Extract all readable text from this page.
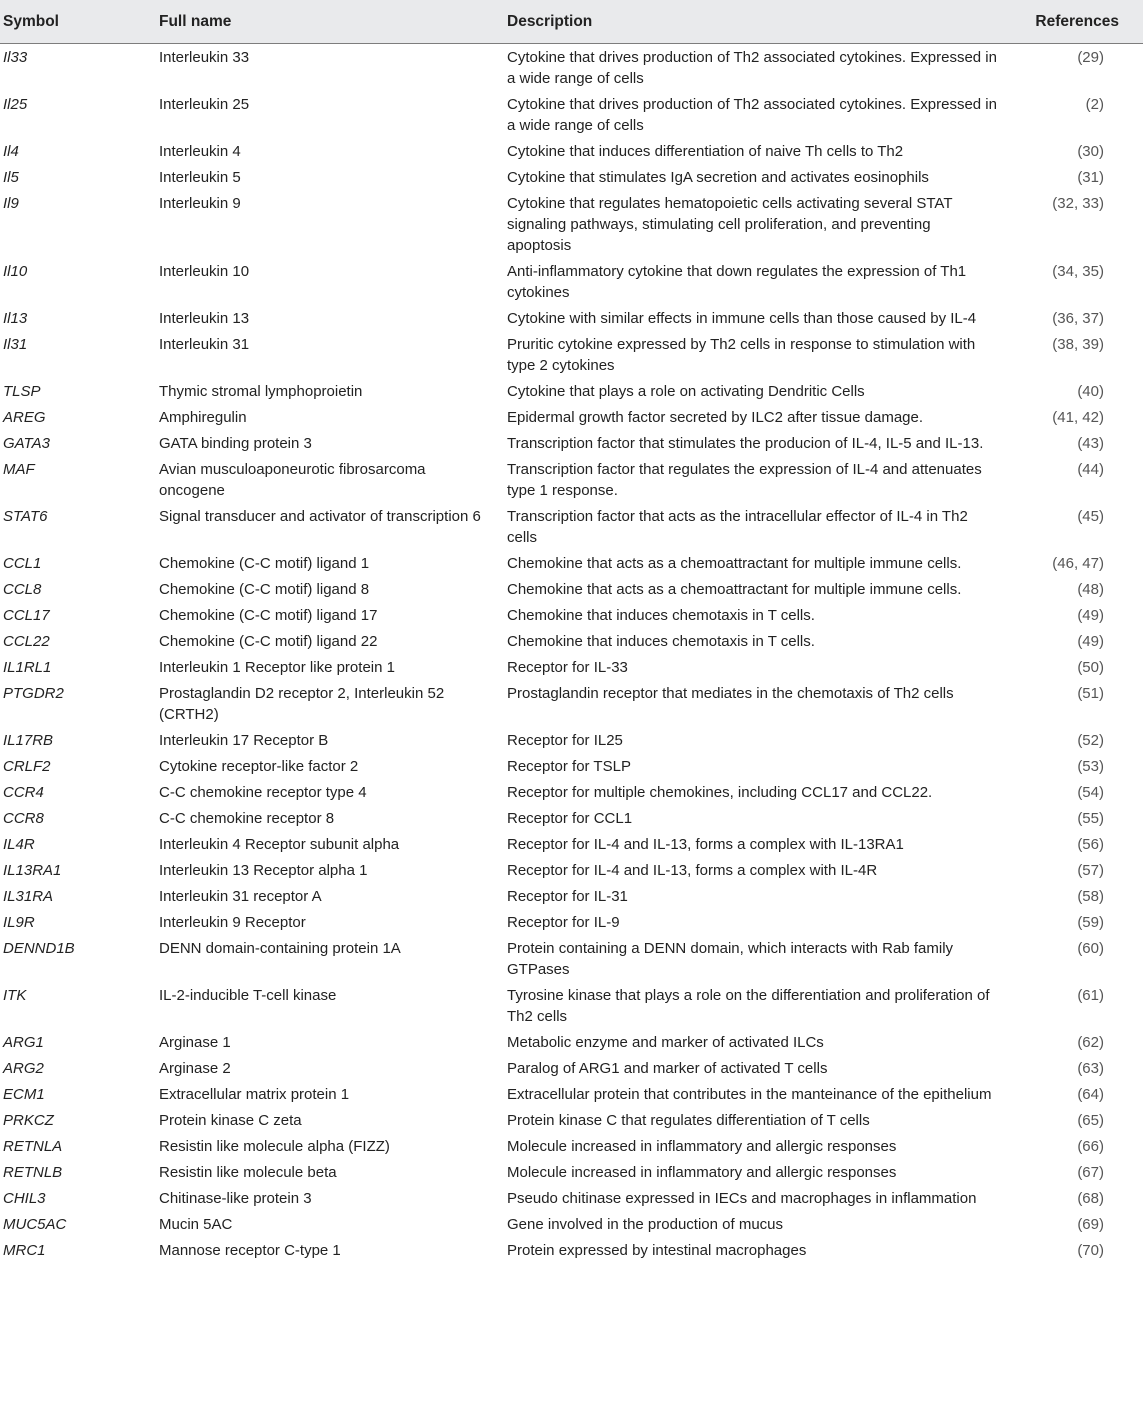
Symbol	Full name	Description	References
Il33	Interleukin 33	Cytokine that drives production of Th2 associated cytokines. Expressed in a wide range of cells	(29)
Il25	Interleukin 25	Cytokine that drives production of Th2 associated cytokines. Expressed in a wide range of cells	(2)
Il4	Interleukin 4	Cytokine that induces differentiation of naive Th cells to Th2	(30)
Il5	Interleukin 5	Cytokine that stimulates IgA secretion and activates eosinophils	(31)
Il9	Interleukin 9	Cytokine that regulates hematopoietic cells activating several STAT signaling pathways, stimulating cell proliferation, and preventing apoptosis	(32, 33)
Il10	Interleukin 10	Anti-inflammatory cytokine that down regulates the expression of Th1 cytokines	(34, 35)
Il13	Interleukin 13	Cytokine with similar effects in immune cells than those caused by IL-4	(36, 37)
Il31	Interleukin 31	Pruritic cytokine expressed by Th2 cells in response to stimulation with type 2 cytokines	(38, 39)
TLSP	Thymic stromal lymphoproietin	Cytokine that plays a role on activating Dendritic Cells	(40)
AREG	Amphiregulin	Epidermal growth factor secreted by ILC2 after tissue damage.	(41, 42)
GATA3	GATA binding protein 3	Transcription factor that stimulates the producion of IL-4, IL-5 and IL-13.	(43)
MAF	Avian musculoaponeurotic fibrosarcoma oncogene	Transcription factor that regulates the expression of IL-4 and attenuates type 1 response.	(44)
STAT6	Signal transducer and activator of transcription 6	Transcription factor that acts as the intracellular effector of IL-4 in Th2 cells	(45)
CCL1	Chemokine (C-C motif) ligand 1	Chemokine that acts as a chemoattractant for multiple immune cells.	(46, 47)
CCL8	Chemokine (C-C motif) ligand 8	Chemokine that acts as a chemoattractant for multiple immune cells.	(48)
CCL17	Chemokine (C-C motif) ligand 17	Chemokine that induces chemotaxis in T cells.	(49)
CCL22	Chemokine (C-C motif) ligand 22	Chemokine that induces chemotaxis in T cells.	(49)
IL1RL1	Interleukin 1 Receptor like protein 1	Receptor for IL-33	(50)
PTGDR2	Prostaglandin D2 receptor 2, Interleukin 52 (CRTH2)	Prostaglandin receptor that mediates in the chemotaxis of Th2 cells	(51)
IL17RB	Interleukin 17 Receptor B	Receptor for IL25	(52)
CRLF2	Cytokine receptor-like factor 2	Receptor for TSLP	(53)
CCR4	C-C chemokine receptor type 4	Receptor for multiple chemokines, including CCL17 and CCL22.	(54)
CCR8	C-C chemokine receptor 8	Receptor for CCL1	(55)
IL4R	Interleukin 4 Receptor subunit alpha	Receptor for IL-4 and IL-13, forms a complex with IL-13RA1	(56)
IL13RA1	Interleukin 13 Receptor alpha 1	Receptor for IL-4 and IL-13, forms a complex with IL-4R	(57)
IL31RA	Interleukin 31 receptor A	Receptor for IL-31	(58)
IL9R	Interleukin 9 Receptor	Receptor for IL-9	(59)
DENND1B	DENN domain-containing protein 1A	Protein containing a DENN domain, which interacts with Rab family GTPases	(60)
ITK	IL-2-inducible T-cell kinase	Tyrosine kinase that plays a role on the differentiation and proliferation of Th2 cells	(61)
ARG1	Arginase 1	Metabolic enzyme and marker of activated ILCs	(62)
ARG2	Arginase 2	Paralog of ARG1 and marker of activated T cells	(63)
ECM1	Extracellular matrix protein 1	Extracellular protein that contributes in the manteinance of the epithelium	(64)
PRKCZ	Protein kinase C zeta	Protein kinase C that regulates differentiation of T cells	(65)
RETNLA	Resistin like molecule alpha (FIZZ)	Molecule increased in inflammatory and allergic responses	(66)
RETNLB	Resistin like molecule beta	Molecule increased in inflammatory and allergic responses	(67)
CHIL3	Chitinase-like protein 3	Pseudo chitinase expressed in IECs and macrophages in inflammation	(68)
MUC5AC	Mucin 5AC	Gene involved in the production of mucus	(69)
MRC1	Mannose receptor C-type 1	Protein expressed by intestinal macrophages	(70)
